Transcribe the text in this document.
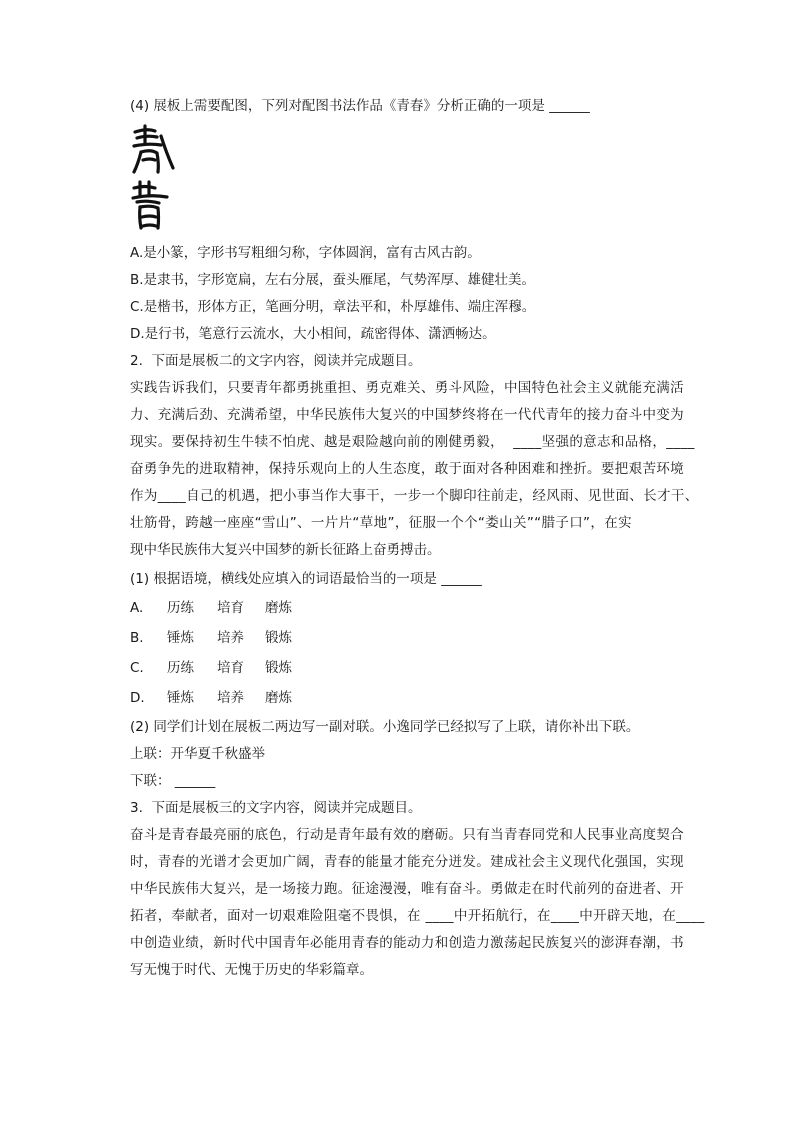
(4) 展板上需要配图，下列对配图书法作品《青春》分析正确的一项是 ______
A.是小篆，字形书写粗细匀称，字体圆润，富有古风古韵。
B.是隶书，字形宽扁，左右分展，蚕头雁尾，气势浑厚、雄健壮美。
C.是楷书，形体方正，笔画分明，章法平和，朴厚雄伟、端庄浑穆。
D.是行书，笔意行云流水，大小相间，疏密得体、潇洒畅达。
2.  下面是展板二的文字内容，阅读并完成题目。
实践告诉我们，只要青年都勇挑重担、勇克难关、勇斗风险，中国特色社会主义就能充满活
力、充满后劲、充满希望，中华民族伟大复兴的中国梦终将在一代代青年的接力奋斗中变为
现实。要保持初生牛犊不怕虎、越是艰险越向前的刚健勇毅，  ____坚强的意志和品格，____
奋勇争先的进取精神，保持乐观向上的人生态度，敢于面对各种困难和挫折。要把艰苦环境
作为____自己的机遇，把小事当作大事干，一步一个脚印往前走，经风雨、见世面、长才干、
壮筋骨，跨越一座座“雪山”、一片片“草地”，征服一个个“娄山关”“腊子口”，在实
现中华民族伟大复兴中国梦的新长征路上奋勇搏击。
(1) 根据语境，横线处应填入的词语最恰当的一项是 ______
A. 历练 培育 磨炼
B. 锤炼 培养 锻炼
C. 历练 培育 锻炼
D. 锤炼 培养 磨炼
(2) 同学们计划在展板二两边写一副对联。小逸同学已经拟写了上联，请你补出下联。
上联：开华夏千秋盛举
下联： ______
3.  下面是展板三的文字内容，阅读并完成题目。
奋斗是青春最亮丽的底色，行动是青年最有效的磨砺。只有当青春同党和人民事业高度契合
时，青春的光谱才会更加广阔，青春的能量才能充分迸发。建成社会主义现代化强国，实现
中华民族伟大复兴，是一场接力跑。征途漫漫，唯有奋斗。勇做走在时代前列的奋进者、开
拓者，奉献者，面对一切艰难险阻毫不畏惧，在 ____中开拓航行，在____中开辟天地，在____
中创造业绩，新时代中国青年必能用青春的能动力和创造力激荡起民族复兴的澎湃春潮，书
写无愧于时代、无愧于历史的华彩篇章。
